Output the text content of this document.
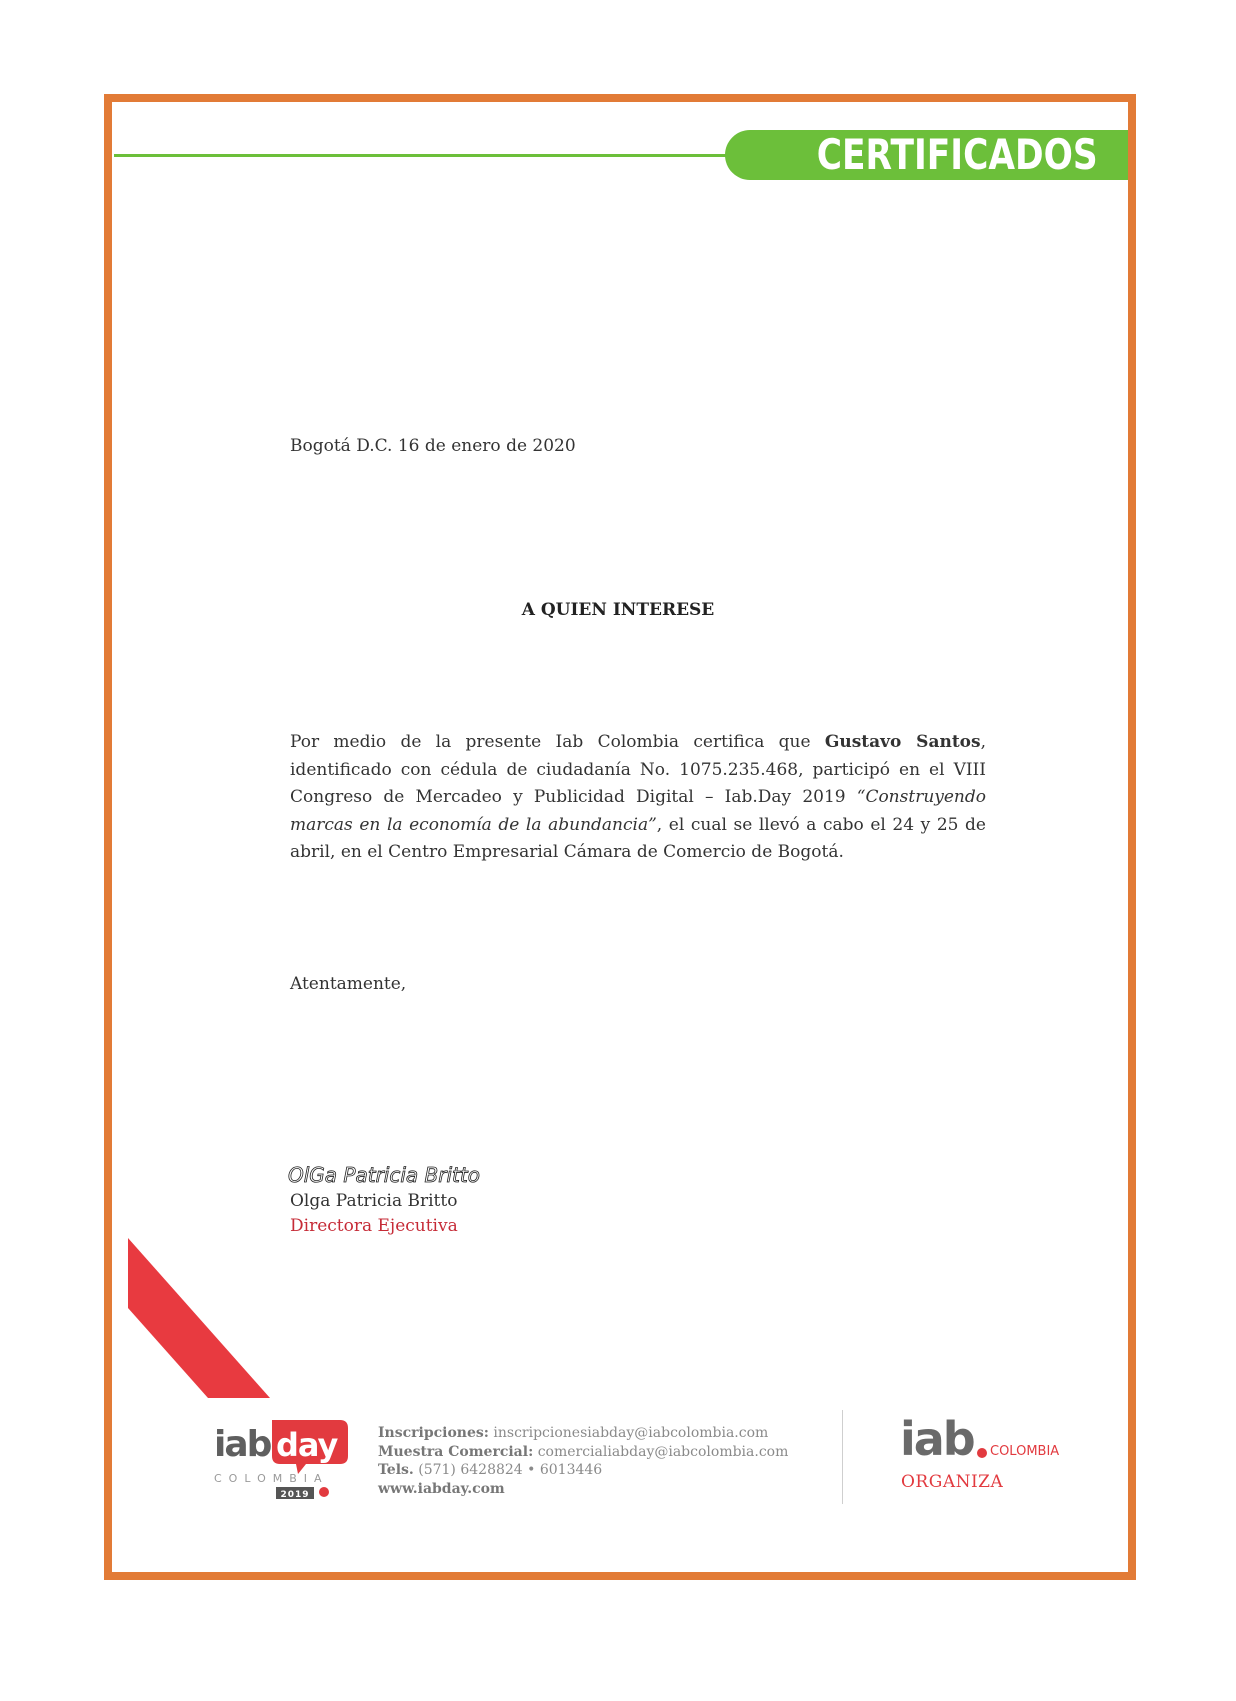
CERTIFICADOS
Bogotá D.C. 16 de enero de 2020
A QUIEN INTERESE
Por medio de la presente Iab Colombia certifica que Gustavo Santos, identificado con cédula de ciudadanía No. 1075.235.468, participó en el VIII Congreso de Mercadeo y Publicidad Digital – Iab.Day 2019 “Construyendo marcas en la economía de la abundancia”, el cual se llevó a cabo el 24 y 25 de abril, en el Centro Empresarial Cámara de Comercio de Bogotá.
Atentamente,
OlGa Patricia Britto
Olga Patricia Britto
Directora Ejecutiva
iab day
COLOMBIA
2019
Inscripciones: inscripcionesiabday@iabcolombia.com
Muestra Comercial: comercialiabday@iabcolombia.com
Tels. (571) 6428824 • 6013446
www.iabday.com
iab COLOMBIA
ORGANIZA
